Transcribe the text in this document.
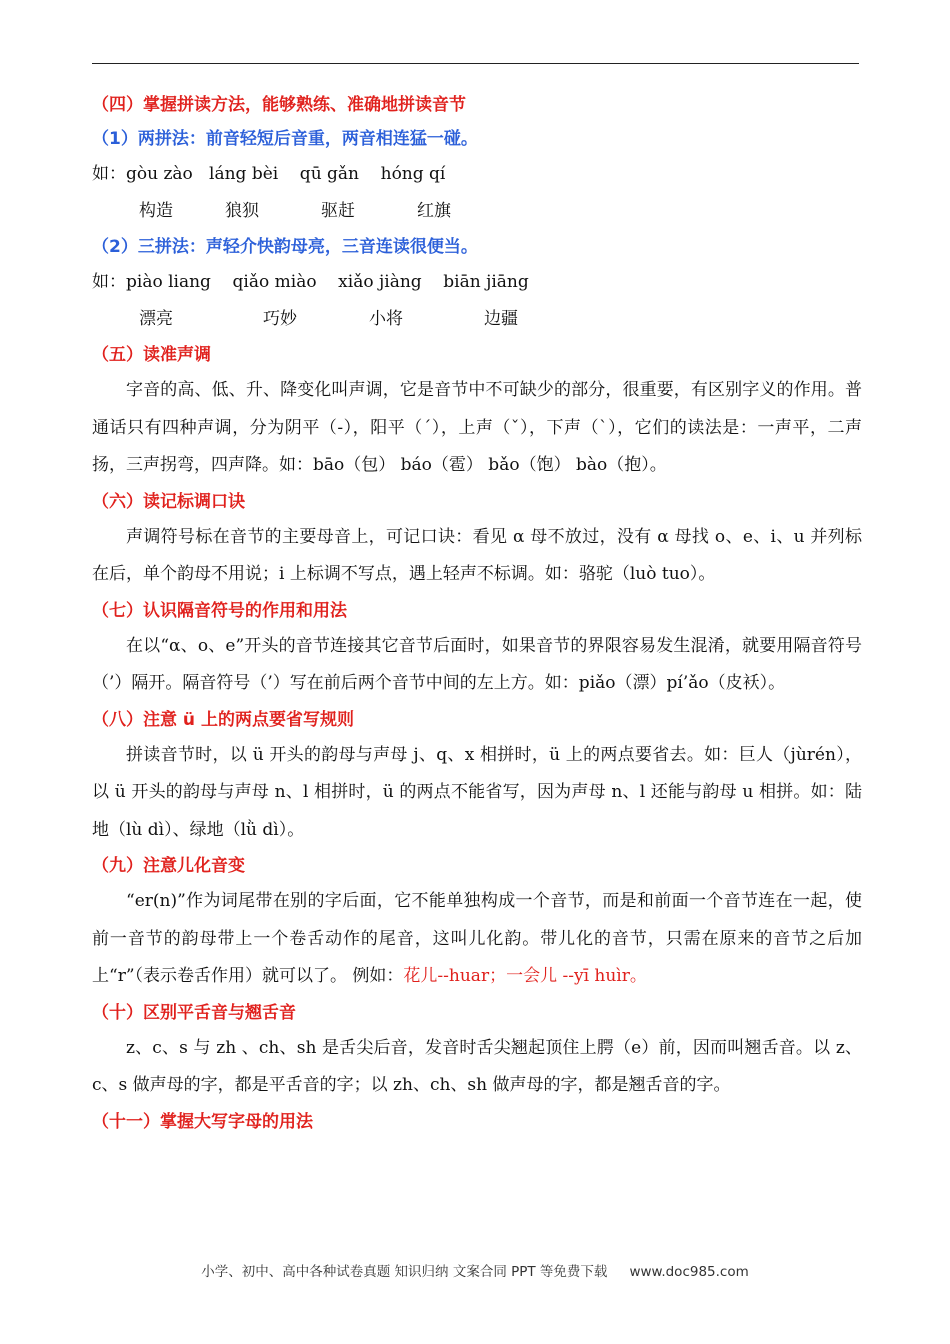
（四）掌握拼读方法，能够熟练、准确地拼读音节
（1）两拼法：前音轻短后音重，两音相连猛一碰。
如：gòu zào   láng bèi    qū gǎn    hóng qí
构造	狼狈	驱赶	红旗
（2）三拼法：声轻介快韵母亮，三音连读很便当。
如：piào liang    qiǎo miào    xiǎo jiàng    biān jiāng
漂亮	巧妙	小将	边疆
（五）读准声调

字音的高、低、升、降变化叫声调，它是音节中不可缺少的部分，很重要，有区别字义的作用。普通话只有四种声调，分为阴平（-），阳平（ˊ），上声（ˇ），下声（ˋ），它们的读法是：一声平，二声扬，三声拐弯，四声降。如：bāo（包） báo（雹） bǎo（饱） bào（抱）。

（六）读记标调口诀

声调符号标在音节的主要母音上，可记口诀：看见 α 母不放过，没有 α 母找 o、e、i、u 并列标在后，单个韵母不用说；i 上标调不写点，遇上轻声不标调。如：骆驼（luò tuo）。

（七）认识隔音符号的作用和用法

在以“α、o、e”开头的音节连接其它音节后面时，如果音节的界限容易发生混淆，就要用隔音符号（’）隔开。隔音符号（’）写在前后两个音节中间的左上方。如：piǎo（漂）pí’ǎo（皮袄）。

（八）注意 ü 上的两点要省写规则

拼读音节时，以 ü 开头的韵母与声母 j、q、x 相拼时，ü 上的两点要省去。如：巨人（jùrén），以 ü 开头的韵母与声母 n、l 相拼时，ü 的两点不能省写，因为声母 n、l 还能与韵母 u 相拼。如：陆地（lù dì）、绿地（lǜ dì）。

（九）注意儿化音变

“er(n)”作为词尾带在别的字后面，它不能单独构成一个音节，而是和前面一个音节连在一起，使前一音节的韵母带上一个卷舌动作的尾音，这叫儿化韵。带儿化的音节，只需在原来的音节之后加上“r”（表示卷舌作用）就可以了。 例如：花儿--huar；一会儿 --yī huìr。

（十）区别平舌音与翘舌音

z、c、s 与 zh 、ch、sh 是舌尖后音，发音时舌尖翘起顶住上腭（e）前，因而叫翘舌音。以 z、c、s 做声母的字，都是平舌音的字；以 zh、ch、sh 做声母的字，都是翘舌音的字。

（十一）掌握大写字母的用法
小学、初中、高中各种试卷真题 知识归纳 文案合同 PPT 等免费下载 www.doc985.com
